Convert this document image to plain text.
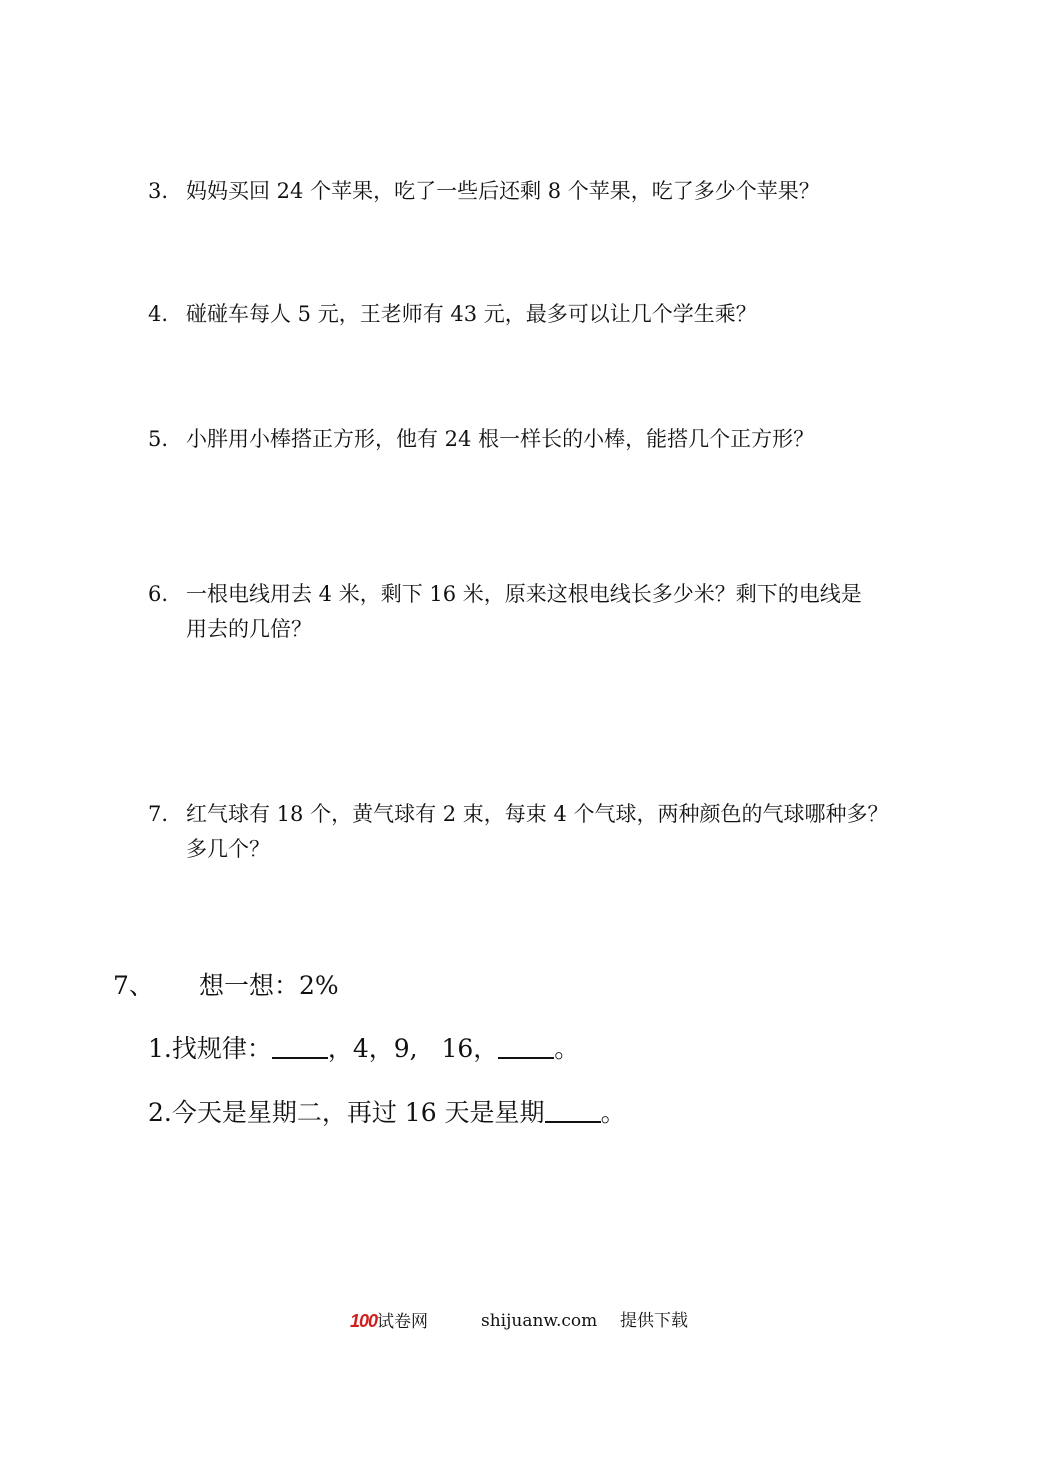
3. 妈妈买回 24 个苹果，吃了一些后还剩 8 个苹果，吃了多少个苹果？
4. 碰碰车每人 5 元，王老师有 43 元，最多可以让几个学生乘？
5. 小胖用小棒搭正方形，他有 24 根一样长的小棒，能搭几个正方形？
6. 一根电线用去 4 米，剩下 16 米，原来这根电线长多少米？剩下的电线是
用去的几倍？
7. 红气球有 18 个，黄气球有 2 束，每束 4 个气球，两种颜色的气球哪种多？
多几个？
7、 想一想：2%
1.找规律： ，4，9,   16， 。
2.今天是星期二，再过 16 天是星期 。
100试卷网	shijuanw.com 提供下载
